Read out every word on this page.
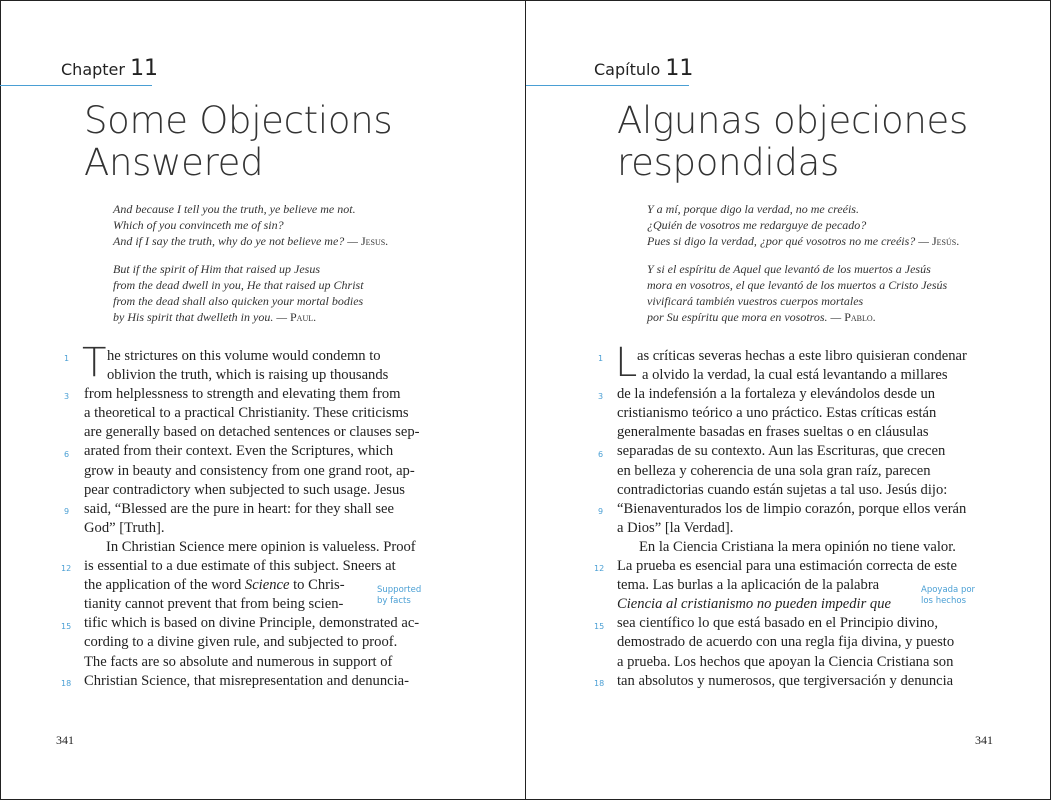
Chapter 11
Some Objections
Answered
And because I tell you the truth, ye believe me not.
Which of you convinceth me of sin?
And if I say the truth, why do ye not believe me? — Jesus.
But if the spirit of Him that raised up Jesus
from the dead dwell in you, He that raised up Christ
from the dead shall also quicken your mortal bodies
by His spirit that dwelleth in you. — Paul.
T he strictures on this volume would condemn to
oblivion the truth, which is raising up thousands
from helplessness to strength and elevating them from
a theoretical to a practical Christianity. These criticisms
are generally based on detached sentences or clauses sep-
arated from their context. Even the Scriptures, which
grow in beauty and consistency from one grand root, ap-
pear contradictory when subjected to such usage. Jesus
said, “Blessed are the pure in heart: for they shall see
God” [Truth].
In Christian Science mere opinion is valueless. Proof
is essential to a due estimate of this subject. Sneers at
the application of the word Science to Chris-
tianity cannot prevent that from being scien-
tific which is based on divine Principle, demonstrated ac-
cording to a divine given rule, and subjected to proof.
The facts are so absolute and numerous in support of
Christian Science, that misrepresentation and denuncia-
1
3
6
9
12
15
18
Supported
by facts
341
Capítulo 11
Algunas objeciones
respondidas
Y a mí, porque digo la verdad, no me creéis.
¿Quién de vosotros me redarguye de pecado?
Pues si digo la verdad, ¿por qué vosotros no me creéis? — Jesús.
Y si el espíritu de Aquel que levantó de los muertos a Jesús
mora en vosotros, el que levantó de los muertos a Cristo Jesús
vivificará también vuestros cuerpos mortales
por Su espíritu que mora en vosotros. — Pablo.
L as críticas severas hechas a este libro quisieran condenar
a olvido la verdad, la cual está levantando a millares
de la indefensión a la fortaleza y elevándolos desde un
cristianismo teórico a uno práctico. Estas críticas están
generalmente basadas en frases sueltas o en cláusulas
separadas de su contexto. Aun las Escrituras, que crecen
en belleza y coherencia de una sola gran raíz, parecen
contradictorias cuando están sujetas a tal uso. Jesús dijo:
“Bienaventurados los de limpio corazón, porque ellos verán
a Dios” [la Verdad].
En la Ciencia Cristiana la mera opinión no tiene valor.
La prueba es esencial para una estimación correcta de este
tema. Las burlas a la aplicación de la palabra
Ciencia al cristianismo no pueden impedir que
sea científico lo que está basado en el Principio divino,
demostrado de acuerdo con una regla fija divina, y puesto
a prueba. Los hechos que apoyan la Ciencia Cristiana son
tan absolutos y numerosos, que tergiversación y denuncia
1
3
6
9
12
15
18
Apoyada por
los hechos
341
